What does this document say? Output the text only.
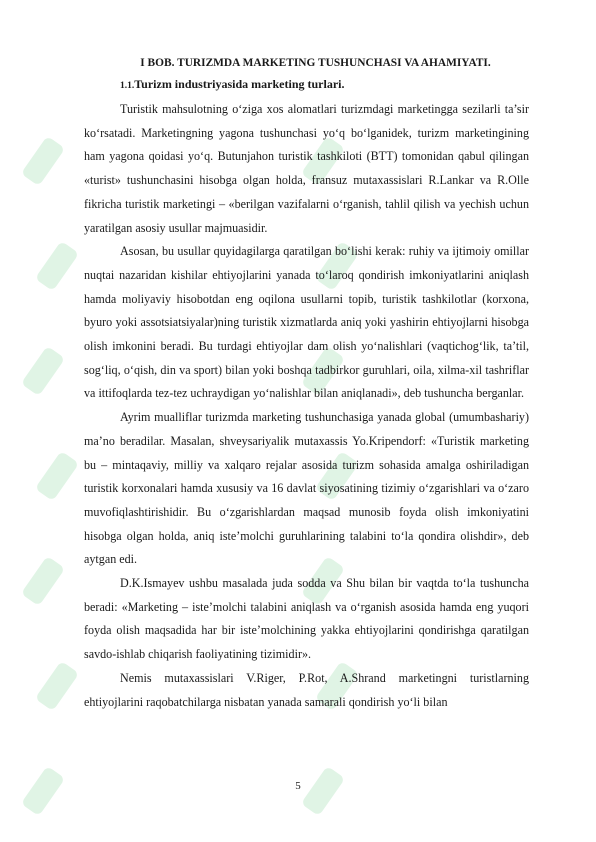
I BOB. TURIZMDA MARKETING TUSHUNCHASI VA AHAMIYATI.
1.1.Turizm industriyasida marketing turlari.

Turistik mahsulotning o‘ziga xos alomatlari turizmdagi marketingga sezilarli ta’sir ko‘rsatadi. Marketingning yagona tushunchasi yo‘q bo‘lganidek, turizm marketingining ham yagona qoidasi yo‘q. Butunjahon turistik tashkiloti (BTT) tomonidan qabul qilingan «turist» tushunchasini hisobga olgan holda, fransuz mutaxassislari R.Lankar va R.Olle fikricha turistik marketingi – «berilgan vazifalarni o‘rganish, tahlil qilish va yechish uchun yaratilgan asosiy usullar majmuasidir.

Asosan, bu usullar quyidagilarga qaratilgan bo‘lishi kerak: ruhiy va ijtimoiy omillar nuqtai nazaridan kishilar ehtiyojlarini yanada to‘laroq qondirish imkoniyatlarini aniqlash hamda moliyaviy hisobotdan eng oqilona usullarni topib, turistik tashkilotlar (korxona, byuro yoki assotsiatsiyalar)ning turistik xizmatlarda aniq yoki yashirin ehtiyojlarni hisobga olish imkonini beradi. Bu turdagi ehtiyojlar dam olish yo‘nalishlari (vaqtichog‘lik, ta’til, sog‘liq, o‘qish, din va sport) bilan yoki boshqa tadbirkor guruhlari, oila, xilma-xil tashriflar va ittifoqlarda tez-tez uchraydigan yo‘nalishlar bilan aniqlanadi», deb tushuncha berganlar.

Ayrim mualliflar turizmda marketing tushunchasiga yanada global (umumbashariy) ma’no beradilar. Masalan, shveysariyalik mutaxassis Yo.Kripendorf: «Turistik marketing bu – mintaqaviy, milliy va xalqaro rejalar asosida turizm sohasida amalga oshiriladigan turistik korxonalari hamda xususiy va 16 davlat siyosatining tizimiy o‘zgarishlari va o‘zaro muvofiqlashtirishidir. Bu o‘zgarishlardan maqsad munosib foyda olish imkoniyatini hisobga olgan holda, aniq iste’molchi guruhlarining talabini to‘la qondira olishdir», deb aytgan edi.

D.K.Ismayev ushbu masalada juda sodda va Shu bilan bir vaqtda to‘la tushuncha beradi: «Marketing – iste’molchi talabini aniqlash va o‘rganish asosida hamda eng yuqori foyda olish maqsadida har bir iste’molchining yakka ehtiyojlarini qondirishga qaratilgan savdo-ishlab chiqarish faoliyatining tizimidir».

Nemis mutaxassislari V.Riger, P.Rot, A.Shrand marketingni turistlarning ehtiyojlarini raqobatchilarga nisbatan yanada samarali qondirish yo‘li bilan

5
